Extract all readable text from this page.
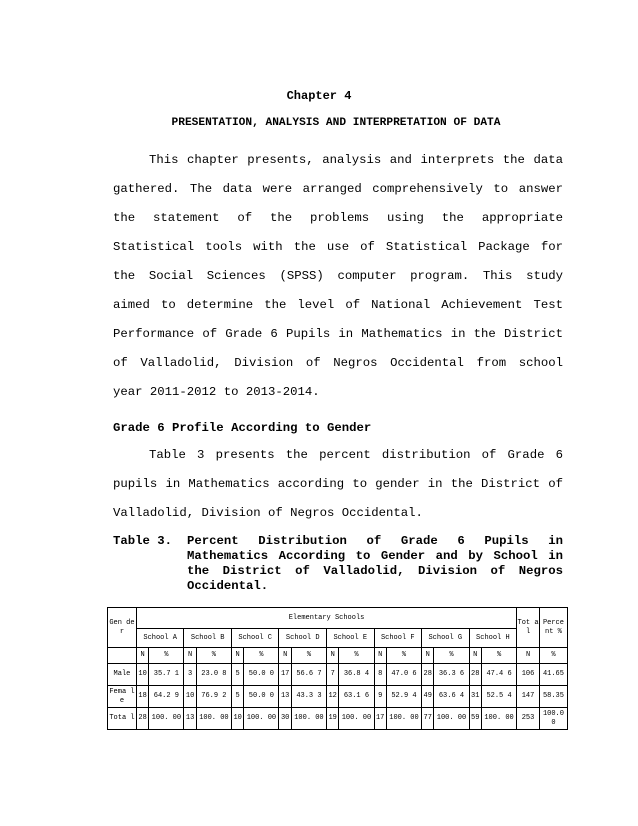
Chapter 4
PRESENTATION, ANALYSIS AND INTERPRETATION OF DATA

This chapter presents, analysis and interprets the data gathered. The data were arranged comprehensively to answer the statement of the problems using the appropriate Statistical tools with the use of Statistical Package for the Social Sciences (SPSS) computer program. This study aimed to determine the level of National Achievement Test Performance of Grade 6 Pupils in Mathematics in the District of Valladolid, Division of Negros Occidental from school year 2011-2012 to 2013-2014.

Grade 6 Profile According to Gender

Table 3 presents the percent distribution of Grade 6 pupils in Mathematics according to gender in the District of Valladolid, Division of Negros Occidental.

Table 3.	Percent Distribution of Grade 6 Pupils in Mathematics According to Gender and by School in the District of Valladolid, Division of Negros Occidental.
Gen der	Elementary Schools																Tot al	Perce nt %
	School A		School B		School C		School D		School E		School F		School G		School H			
	N	%	N	%	N	%	N	%	N	%	N	%	N	%	N	%	N	%
Male	10	35.7 1	3	23.0 8	5	50.0 0	17	56.6 7	7	36.8 4	8	47.0 6	28	36.3 6	28	47.4 6	106	41.65
Fema le	18	64.2 9	10	76.9 2	5	50.0 0	13	43.3 3	12	63.1 6	9	52.9 4	49	63.6 4	31	52.5 4	147	58.35
Tota l	28	100. 00	13	100. 00	10	100. 00	30	100. 00	19	100. 00	17	100. 00	77	100. 00	59	100. 00	253	100.0 0
